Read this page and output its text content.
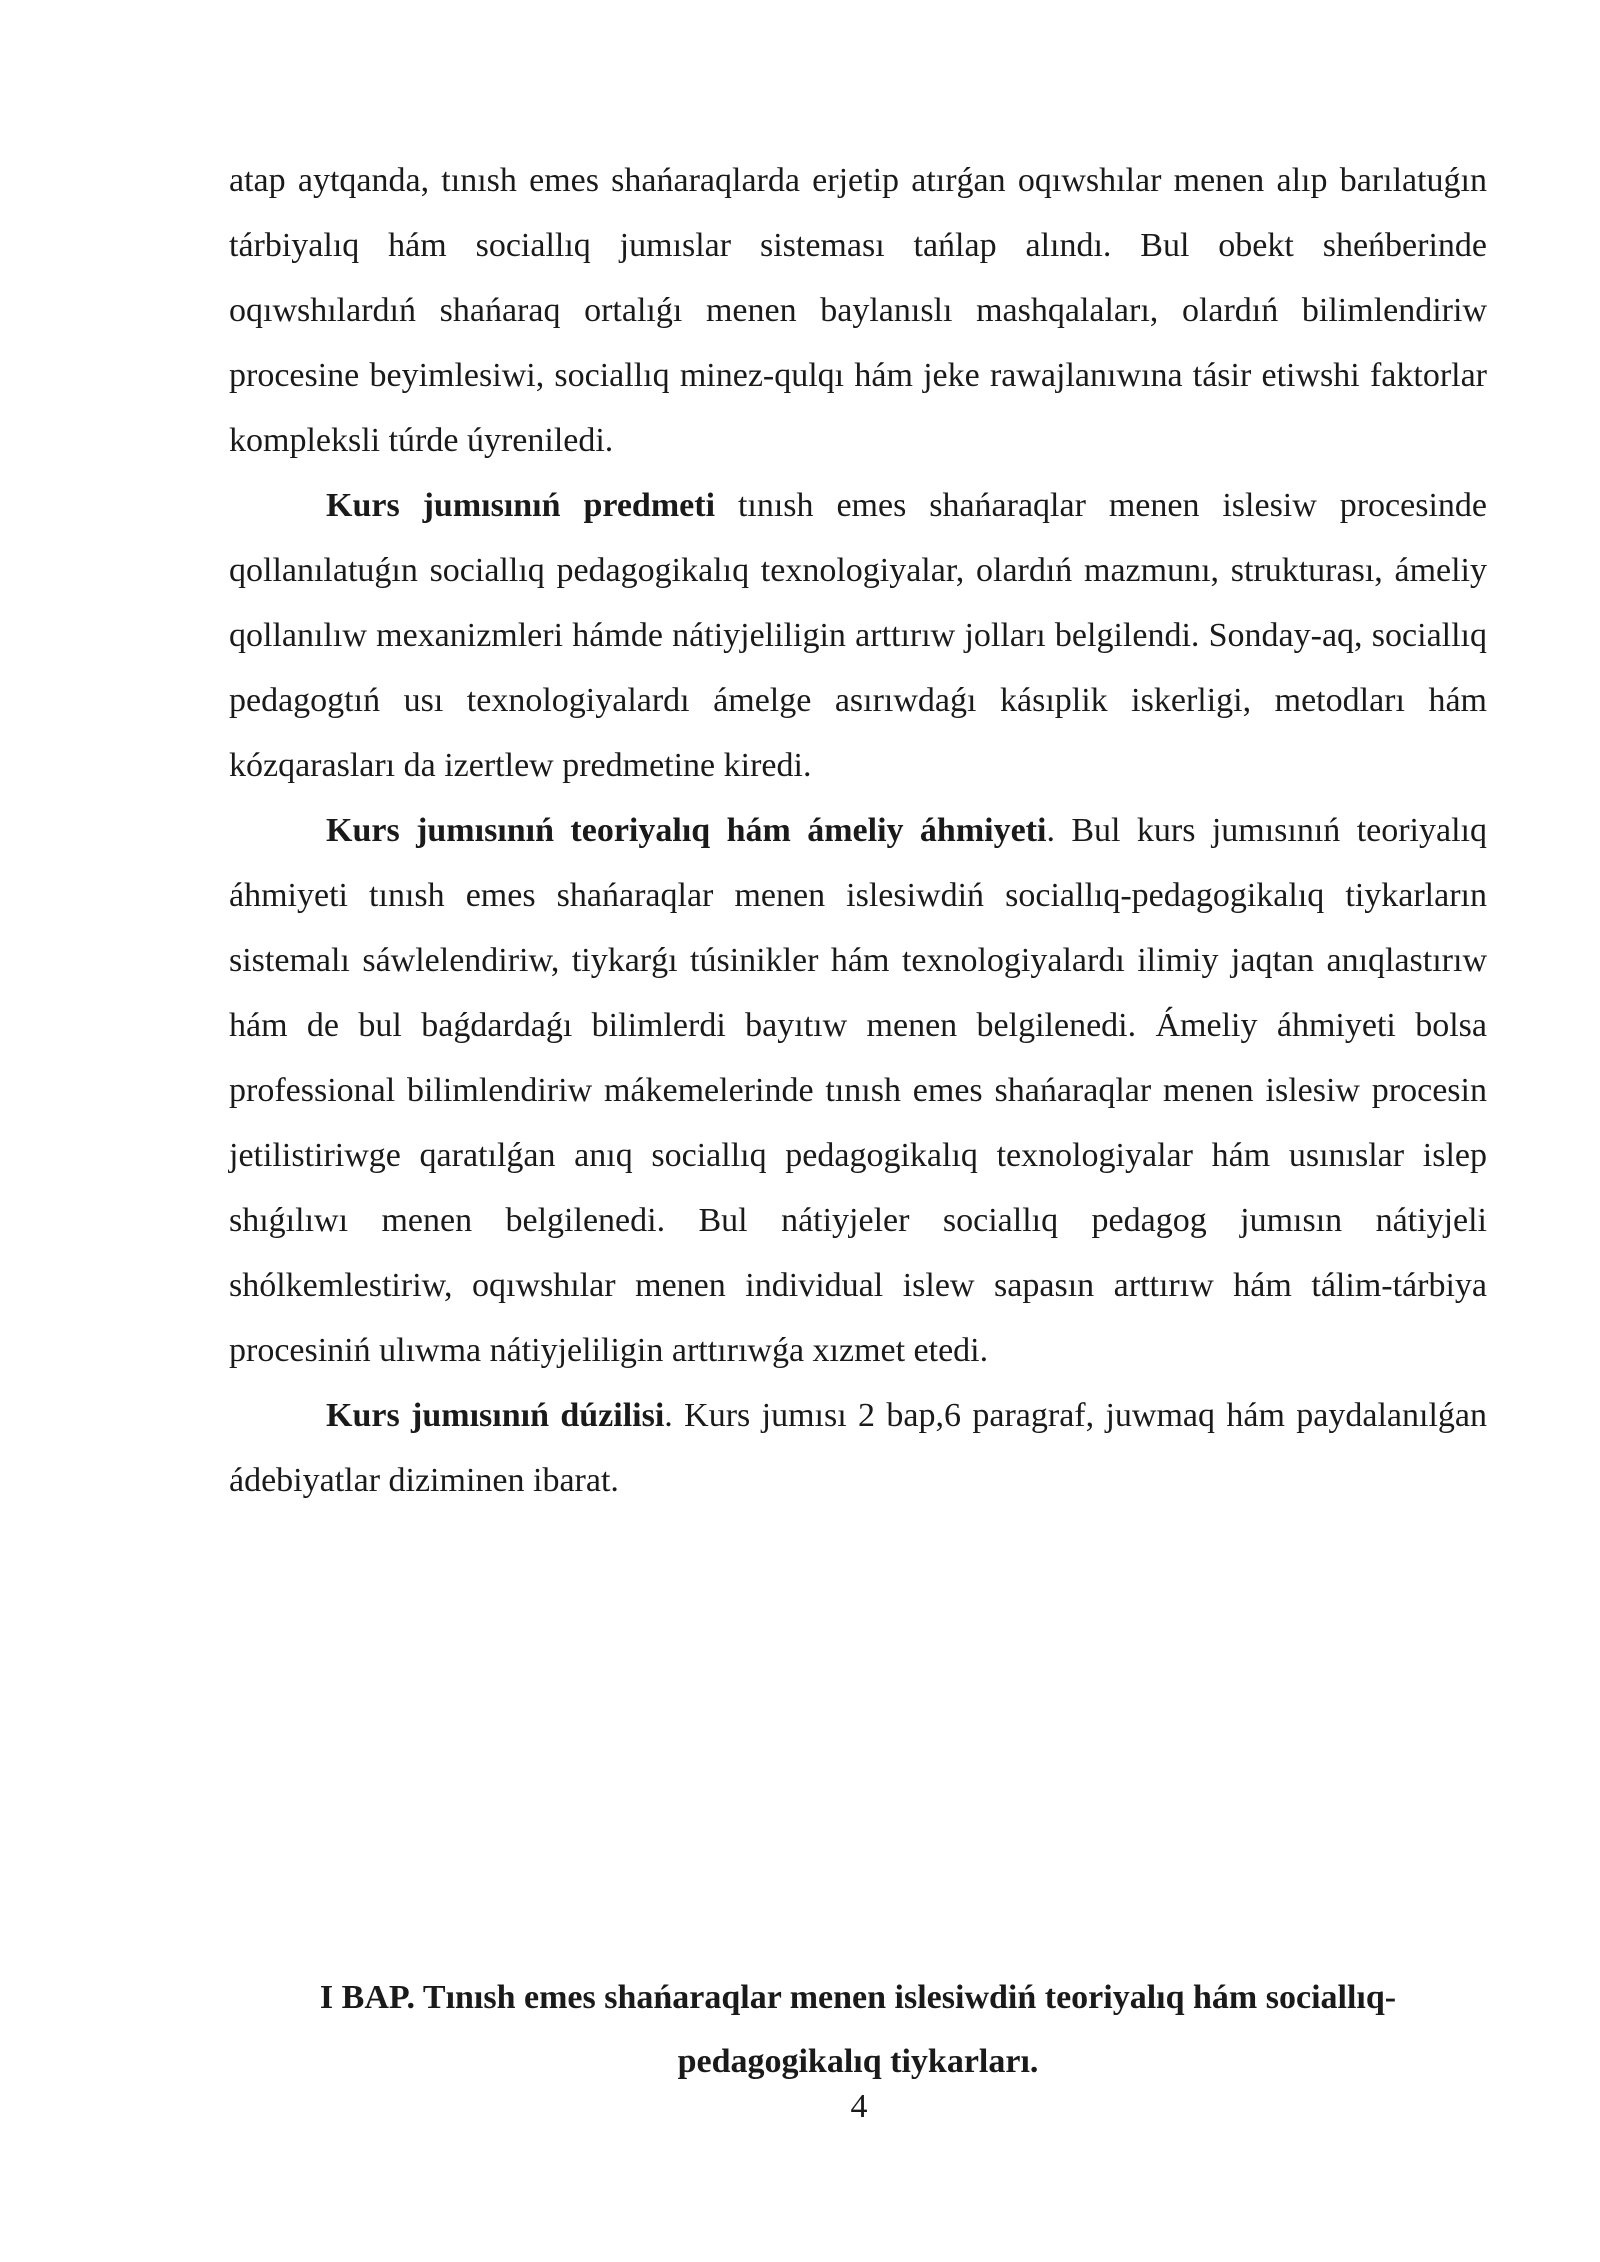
atap aytqanda, tınısh emes shańaraqlarda erjetip atırǵan oqıwshılar menen alıp barılatuǵın tárbiyalıq hám sociallıq jumıslar sisteması tańlap alındı. Bul obekt sheńberinde oqıwshılardıń shańaraq ortalıǵı menen baylanıslı mashqalaları, olardıń bilimlendiriw procesine beyimlesiwi, sociallıq minez-qulqı hám jeke rawajlanıwına tásir etiwshi faktorlar kompleksli túrde úyreniledi.

Kurs jumısınıń predmeti tınısh emes shańaraqlar menen islesiw procesinde qollanılatuǵın sociallıq pedagogikalıq texnologiyalar, olardıń mazmunı, strukturası, ámeliy qollanılıw mexanizmleri hámde nátiyjeliligin arttırıw jolları belgilendi. Sonday-aq, sociallıq pedagogtıń usı texnologiyalardı ámelge asırıwdaǵı kásıplik iskerligi, metodları hám kózqarasları da izertlew predmetine kiredi.

Kurs jumısınıń teoriyalıq hám ámeliy áhmiyeti. Bul kurs jumısınıń teoriyalıq áhmiyeti tınısh emes shańaraqlar menen islesiwdiń sociallıq-pedagogikalıq tiykarların sistemalı sáwlelendiriw, tiykarǵı túsinikler hám texnologiyalardı ilimiy jaqtan anıqlastırıw hám de bul baǵdardaǵı bilimlerdi bayıtıw menen belgilenedi. Ámeliy áhmiyeti bolsa professional bilimlendiriw mákemelerinde tınısh emes shańaraqlar menen islesiw procesin jetilistiriwge qaratılǵan anıq sociallıq pedagogikalıq texnologiyalar hám usınıslar islep shıǵılıwı menen belgilenedi. Bul nátiyjeler sociallıq pedagog jumısın nátiyjeli shólkemlestiriw, oqıwshılar menen individual islew sapasın arttırıw hám tálim-tárbiya procesiniń ulıwma nátiyjeliligin arttırıwǵa xızmet etedi.

Kurs jumısınıń dúzilisi. Kurs jumısı 2 bap,6 paragraf, juwmaq hám paydalanılǵan ádebiyatlar diziminen ibarat.

I BAP. Tınısh emes shańaraqlar menen islesiwdiń teoriyalıq hám sociallıq-
pedagogikalıq tiykarları.
4
